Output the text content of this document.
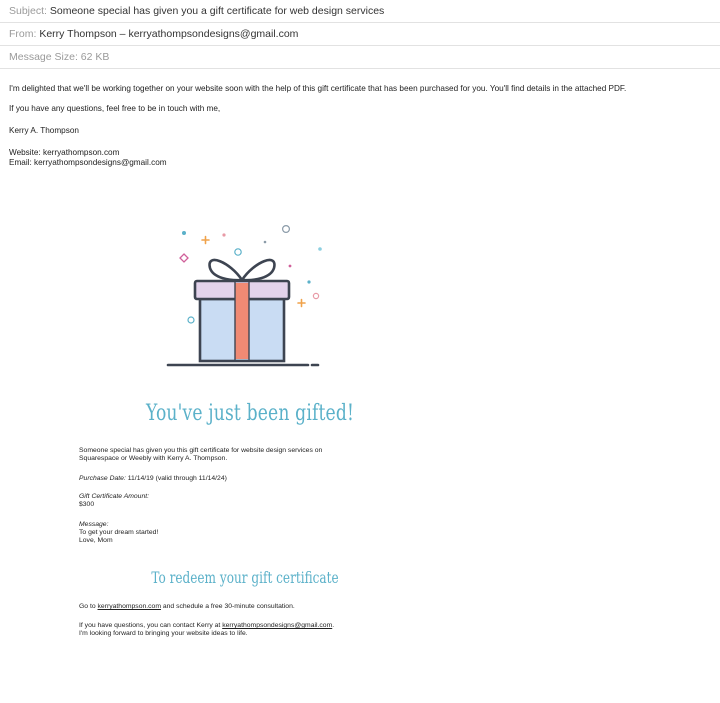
Subject: Someone special has given you a gift certificate for web design services
From: Kerry Thompson – kerryathompsondesigns@gmail.com
Message Size: 62 KB
I'm delighted that we'll be working together on your website soon with the help of this gift certificate that has been purchased for you. You'll find details in the attached PDF.
If you have any questions, feel free to be in touch with me,
Kerry A. Thompson
Website: kerryathompson.com
Email: kerryathompsondesigns@gmail.com
You've just been gifted!
Someone special has given you this gift certificate for website design services on
Squarespace or Weebly with Kerry A. Thompson.
Purchase Date: 11/14/19 (valid through 11/14/24)
Gift Certificate Amount:
$300
Message:
To get your dream started!
Love, Mom
To redeem your gift certificate
Go to kerryathompson.com and schedule a free 30-minute consultation.
If you have questions, you can contact Kerry at kerryathompsondesigns@gmail.com.
I'm looking forward to bringing your website ideas to life.
